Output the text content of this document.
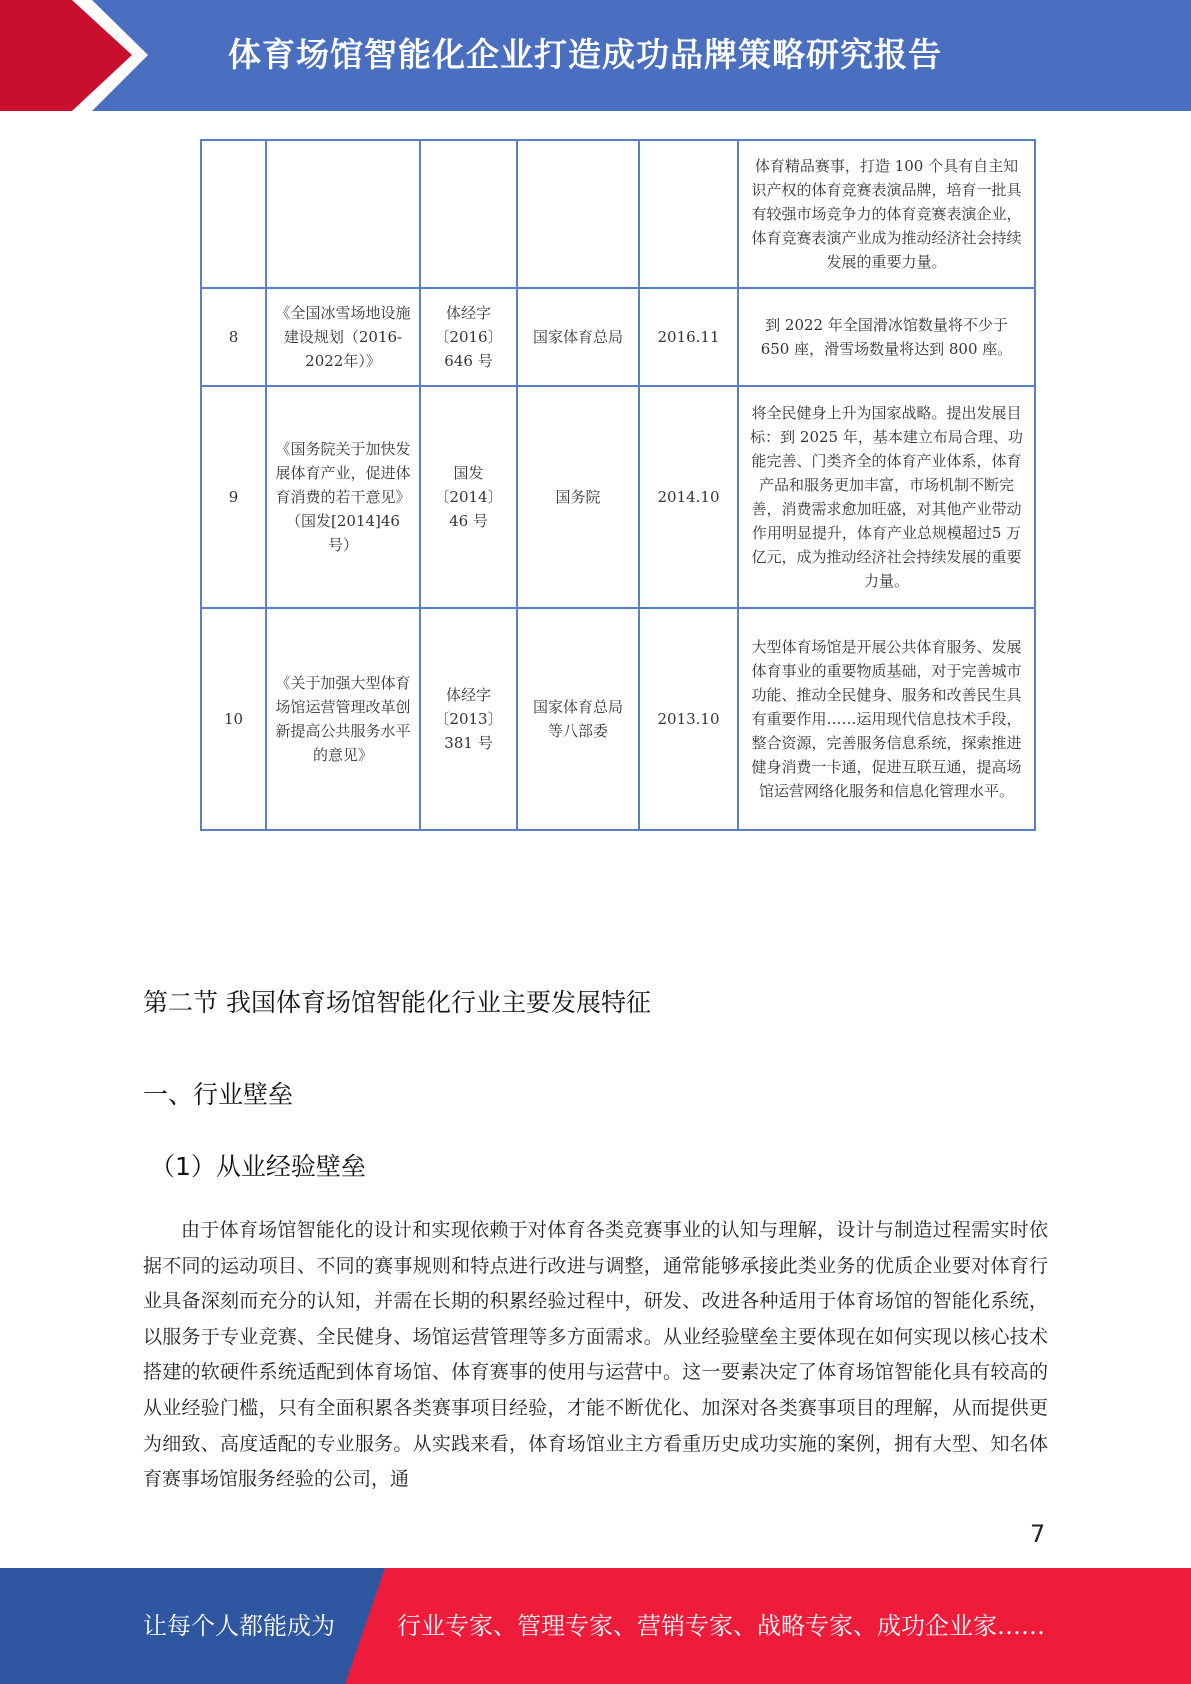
体育场馆智能化企业打造成功品牌策略研究报告
					体育精品赛事，打造 100 个具有自主知识产权的体育竞赛表演品牌，培育一批具有较强市场竞争力的体育竞赛表演企业，体育竞赛表演产业成为推动经济社会持续发展的重要力量。
8	《全国冰雪场地设施建设规划（2016-2022年）》	体经字〔2016〕646 号	国家体育总局	2016.11	到 2022 年全国滑冰馆数量将不少于 650 座，滑雪场数量将达到 800 座。
9	《国务院关于加快发展体育产业，促进体育消费的若干意见》（国发[2014]46号）	国发〔2014〕46 号	国务院	2014.10	将全民健身上升为国家战略。提出发展目标：到 2025 年，基本建立布局合理、功能完善、门类齐全的体育产业体系，体育产品和服务更加丰富，市场机制不断完善，消费需求愈加旺盛，对其他产业带动作用明显提升，体育产业总规模超过5 万亿元，成为推动经济社会持续发展的重要力量。
10	《关于加强大型体育场馆运营管理改革创新提高公共服务水平的意见》	体经字〔2013〕381 号	国家体育总局等八部委	2013.10	大型体育场馆是开展公共体育服务、发展体育事业的重要物质基础，对于完善城市功能、推动全民健身、服务和改善民生具有重要作用……运用现代信息技术手段，整合资源，完善服务信息系统，探索推进健身消费一卡通，促进互联互通，提高场馆运营网络化服务和信息化管理水平。
第二节 我国体育场馆智能化行业主要发展特征
一、行业壁垒
（1）从业经验壁垒
由于体育场馆智能化的设计和实现依赖于对体育各类竞赛事业的认知与理解，设计与制造过程需实时依据不同的运动项目、不同的赛事规则和特点进行改进与调整，通常能够承接此类业务的优质企业要对体育行业具备深刻而充分的认知，并需在长期的积累经验过程中，研发、改进各种适用于体育场馆的智能化系统，以服务于专业竞赛、全民健身、场馆运营管理等多方面需求。从业经验壁垒主要体现在如何实现以核心技术搭建的软硬件系统适配到体育场馆、体育赛事的使用与运营中。这一要素决定了体育场馆智能化具有较高的从业经验门槛，只有全面积累各类赛事项目经验，才能不断优化、加深对各类赛事项目的理解，从而提供更为细致、高度适配的专业服务。从实践来看，体育场馆业主方看重历史成功实施的案例，拥有大型、知名体育赛事场馆服务经验的公司，通
7
让每个人都能成为	行业专家、管理专家、营销专家、战略专家、成功企业家……
